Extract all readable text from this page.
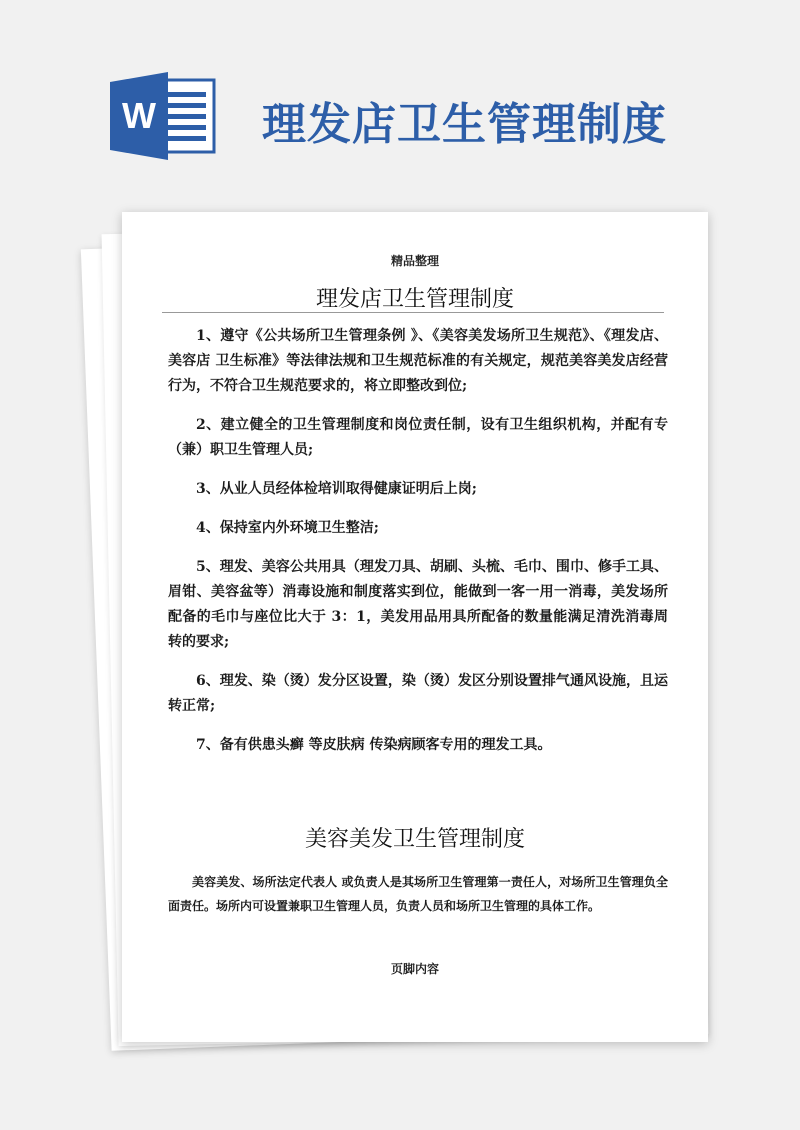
W 理发店卫生管理制度
精品整理
理发店卫生管理制度

1、遵守《公共场所卫生管理条例 》、《美容美发场所卫生规范》、《理发店、美容店 卫生标准》等法律法规和卫生规范标准的有关规定，规范美容美发店经营行为，不符合卫生规范要求的，将立即整改到位;

2、建立健全的卫生管理制度和岗位责任制，设有卫生组织机构，并配有专（兼）职卫生管理人员;

3、从业人员经体检培训取得健康证明后上岗;

4、保持室内外环境卫生整洁;

5、理发、美容公共用具（理发刀具、胡刷、头梳、毛巾、围巾、修手工具、眉钳、美容盆等）消毒设施和制度落实到位，能做到一客一用一消毒，美发场所配备的毛巾与座位比大于 3：1，美发用品用具所配备的数量能满足清洗消毒周转的要求;

6、理发、染（烫）发分区设置，染（烫）发区分别设置排气通风设施，且运转正常;

7、备有供患头癣 等皮肤病 传染病顾客专用的理发工具。

美容美发卫生管理制度
美容美发、场所法定代表人 或负责人是其场所卫生管理第一责任人，对场所卫生管理负全面责任。场所内可设置兼职卫生管理人员，负责人员和场所卫生管理的具体工作。
页脚内容
